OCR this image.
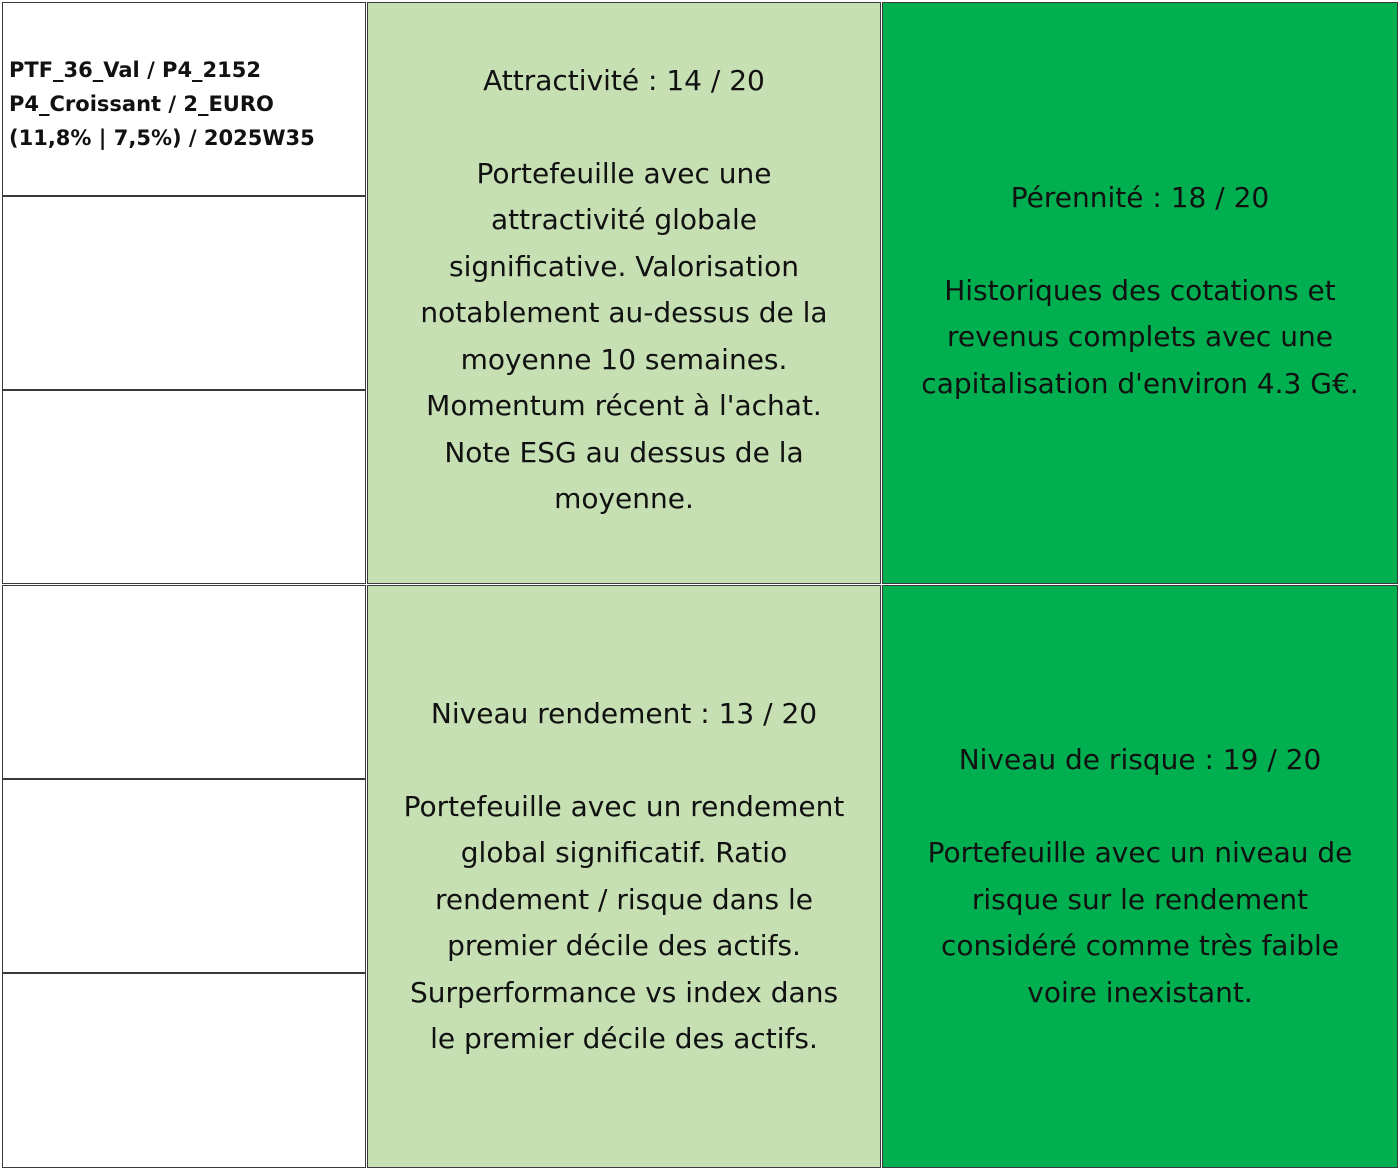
PTF_36_Val / P4_2152
P4_Croissant / 2_EURO
(11,8% | 7,5%) / 2025W35
Attractivité : 14 / 20
Portefeuille avec une
attractivité globale
significative. Valorisation
notablement au-dessus de la
moyenne 10 semaines.
Momentum récent à l'achat.
Note ESG au dessus de la
moyenne.
Pérennité : 18 / 20
Historiques des cotations et
revenus complets avec une
capitalisation d'environ 4.3 G€.
Niveau rendement : 13 / 20
Portefeuille avec un rendement
global significatif. Ratio
rendement / risque dans le
premier décile des actifs.
Surperformance vs index dans
le premier décile des actifs.
Niveau de risque : 19 / 20
Portefeuille avec un niveau de
risque sur le rendement
considéré comme très faible
voire inexistant.
